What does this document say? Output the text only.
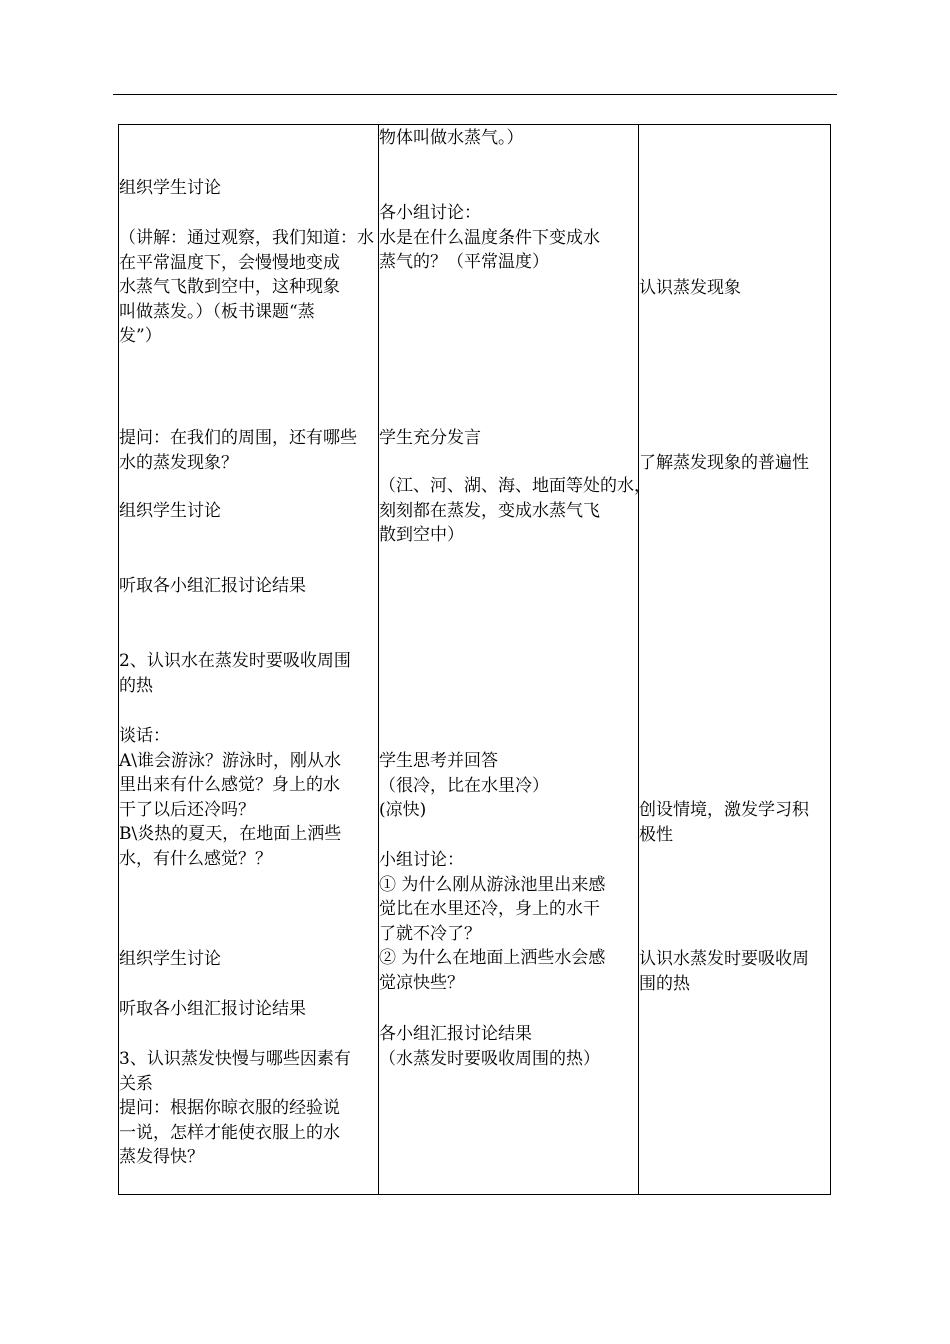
组织学生讨论

（讲解：通过观察，我们知道：水

在平常温度下，会慢慢地变成

水蒸气飞散到空中，这种现象

叫做蒸发。）（板书课题“蒸

发”）

提问：在我们的周围，还有哪些

水的蒸发现象？

组织学生讨论

听取各小组汇报讨论结果

2、认识水在蒸发时要吸收周围

的热

谈话：

A\谁会游泳？游泳时，刚从水

里出来有什么感觉？身上的水

干了以后还冷吗？

B\炎热的夏天，在地面上洒些

水，有什么感觉？？

组织学生讨论

听取各小组汇报讨论结果

3、认识蒸发快慢与哪些因素有

关系

提问：根据你晾衣服的经验说

一说，怎样才能使衣服上的水

蒸发得快？

物体叫做水蒸气。）

各小组讨论：

水是在什么温度条件下变成水

蒸气的？（平常温度）

学生充分发言

（江、河、湖、海、地面等处的水，

刻刻都在蒸发，变成水蒸气飞

散到空中）

学生思考并回答

（很冷，比在水里冷）

(凉快)

小组讨论：

① 为什么刚从游泳池里出来感

觉比在水里还冷，身上的水干

了就不冷了？

② 为什么在地面上洒些水会感

觉凉快些？

各小组汇报讨论结果

（水蒸发时要吸收周围的热）

认识蒸发现象

了解蒸发现象的普遍性

创设情境，激发学习积

极性

认识水蒸发时要吸收周

围的热
